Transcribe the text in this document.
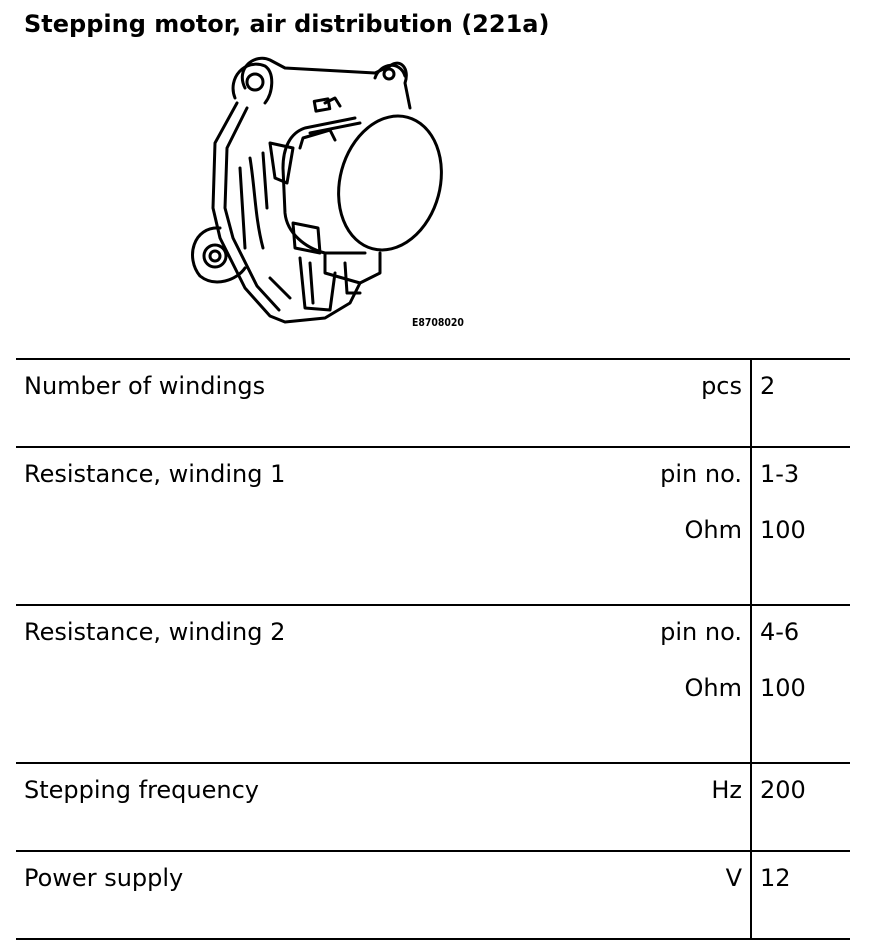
Stepping motor, air distribution (221a)
E8708020
Number of windings	pcs	2

Resistance, winding 1	pin no.	1-3

	Ohm	100

Resistance, winding 2	pin no.	4-6

	Ohm	100

Stepping frequency	Hz	200

Power supply	V	12
